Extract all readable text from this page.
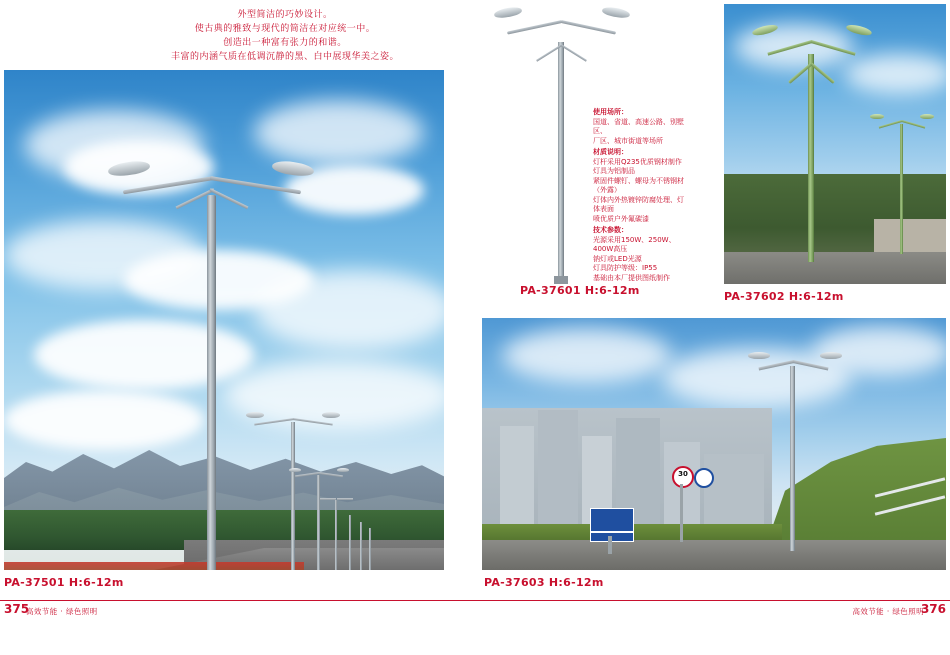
外型简洁的巧妙设计。
使古典的雅致与现代的简洁在对应统一中。
创造出一种富有张力的和谐。
丰富的内涵气质在低调沉静的黑、白中展现华美之姿。
PA-37501 H:6-12m
使用场所：
国道、省道、高速公路、别墅区、
厂区、城市街道等场所
材质说明：
灯杆采用Q235优质钢材制作
灯具为铝制品
紧固件螺钉、螺母为不锈钢材（外露）
灯体内外热镀锌防腐处理、灯体表面
喷优质户外氟碳漆
技术参数：
光源采用150W、250W、400W高压
钠灯或LED光源
灯具防护等级：IP55
基础由本厂提供图纸制作
PA-37601 H:6-12m	PA-37602 H:6-12m
30
PA-37603 H:6-12m
375
高效节能 · 绿色照明	376
高效节能 · 绿色照明
